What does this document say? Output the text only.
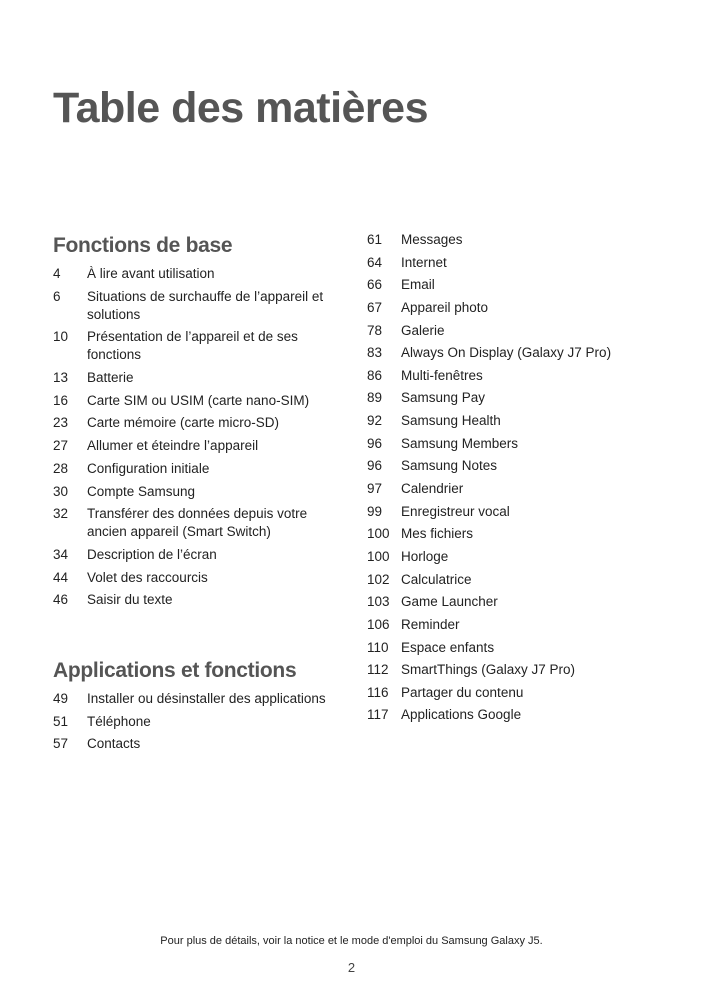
Table des matières
Fonctions de base
4	À lire avant utilisation
6	Situations de surchauffe de l’appareil et solutions
10	Présentation de l’appareil et de ses fonctions
13	Batterie
16	Carte SIM ou USIM (carte nano-SIM)
23	Carte mémoire (carte micro-SD)
27	Allumer et éteindre l’appareil
28	Configuration initiale
30	Compte Samsung
32	Transférer des données depuis votre ancien appareil (Smart Switch)
34	Description de l’écran
44	Volet des raccourcis
46	Saisir du texte
Applications et fonctions
49	Installer ou désinstaller des applications
51	Téléphone
57	Contacts
61	Messages
64	Internet
66	Email
67	Appareil photo
78	Galerie
83	Always On Display (Galaxy J7 Pro)
86	Multi-fenêtres
89	Samsung Pay
92	Samsung Health
96	Samsung Members
96	Samsung Notes
97	Calendrier
99	Enregistreur vocal
100 Mes fichiers
100 Horloge
102 Calculatrice
103 Game Launcher
106 Reminder
110 Espace enfants
112 SmartThings (Galaxy J7 Pro)
116 Partager du contenu
117 Applications Google
Pour plus de détails, voir la notice et le mode d'emploi du Samsung Galaxy J5.
2
